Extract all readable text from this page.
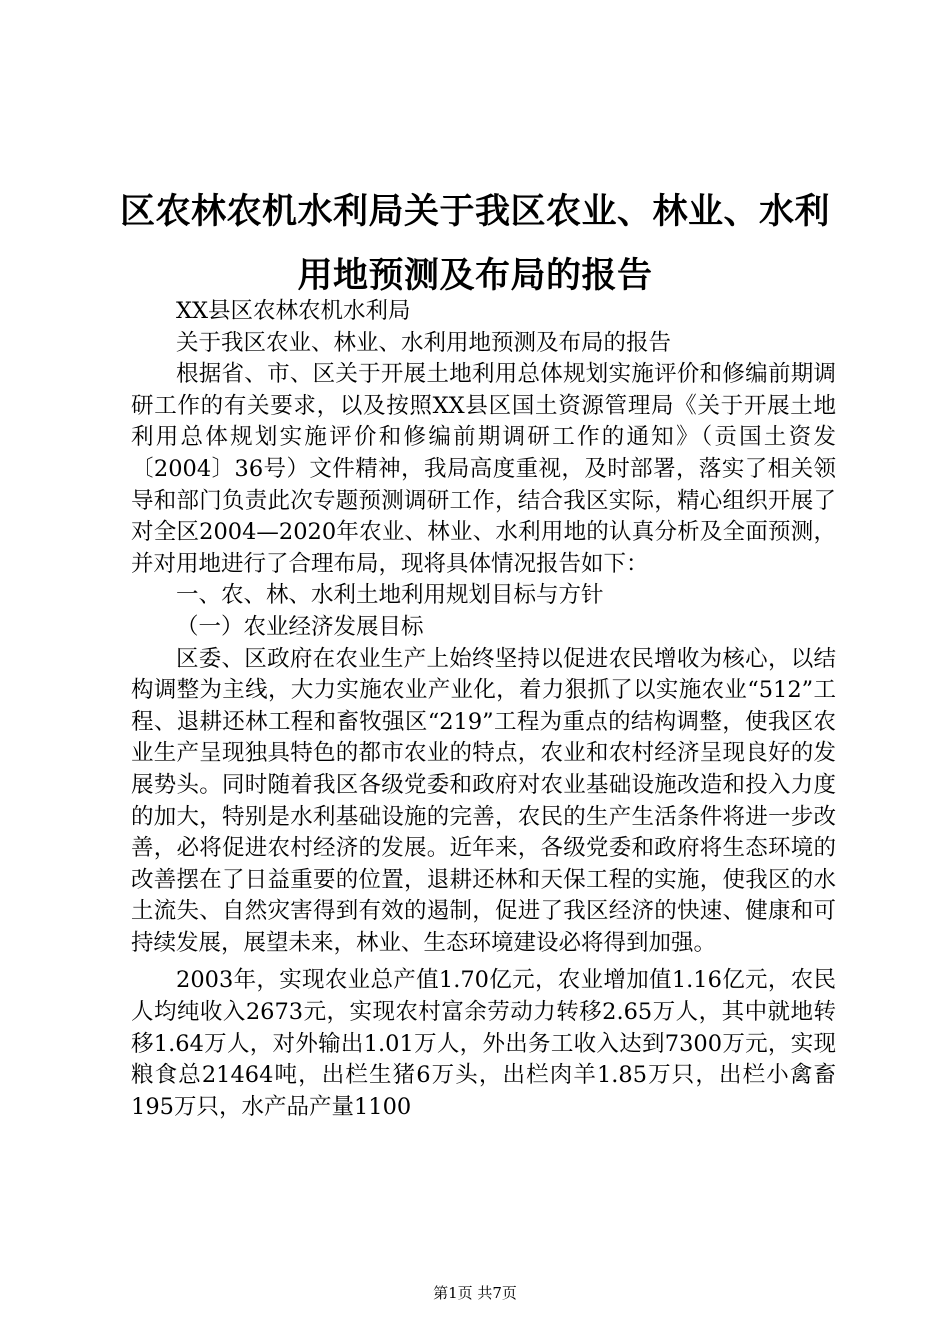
区农林农机水利局关于我区农业、林业、水利
用地预测及布局的报告

XX县区农林农机水利局

关于我区农业、林业、水利用地预测及布局的报告

根据省、市、区关于开展土地利用总体规划实施评价和修编前期调研工作的有关要求，以及按照XX县区国土资源管理局《关于开展土地利用总体规划实施评价和修编前期调研工作的通知》（贡国土资发〔2004〕36号）文件精神，我局高度重视，及时部署，落实了相关领导和部门负责此次专题预测调研工作，结合我区实际，精心组织开展了对全区2004—2020年农业、林业、水利用地的认真分析及全面预测，并对用地进行了合理布局，现将具体情况报告如下：

一、农、林、水利土地利用规划目标与方针

（一）农业经济发展目标

区委、区政府在农业生产上始终坚持以促进农民增收为核心，以结构调整为主线，大力实施农业产业化，着力狠抓了以实施农业“512”工程、退耕还林工程和畜牧强区“219”工程为重点的结构调整，使我区农业生产呈现独具特色的都市农业的特点，农业和农村经济呈现良好的发展势头。同时随着我区各级党委和政府对农业基础设施改造和投入力度的加大，特别是水利基础设施的完善，农民的生产生活条件将进一步改善，必将促进农村经济的发展。近年来，各级党委和政府将生态环境的改善摆在了日益重要的位置，退耕还林和天保工程的实施，使我区的水土流失、自然灾害得到有效的遏制，促进了我区经济的快速、健康和可持续发展，展望未来，林业、生态环境建设必将得到加强。

2003年，实现农业总产值1.70亿元，农业增加值1.16亿元，农民人均纯收入2673元，实现农村富余劳动力转移2.65万人，其中就地转移1.64万人，对外输出1.01万人，外出务工收入达到7300万元，实现粮食总21464吨，出栏生猪6万头，出栏肉羊1.85万只，出栏小禽畜195万只，水产品产量1100

第1页 共7页
